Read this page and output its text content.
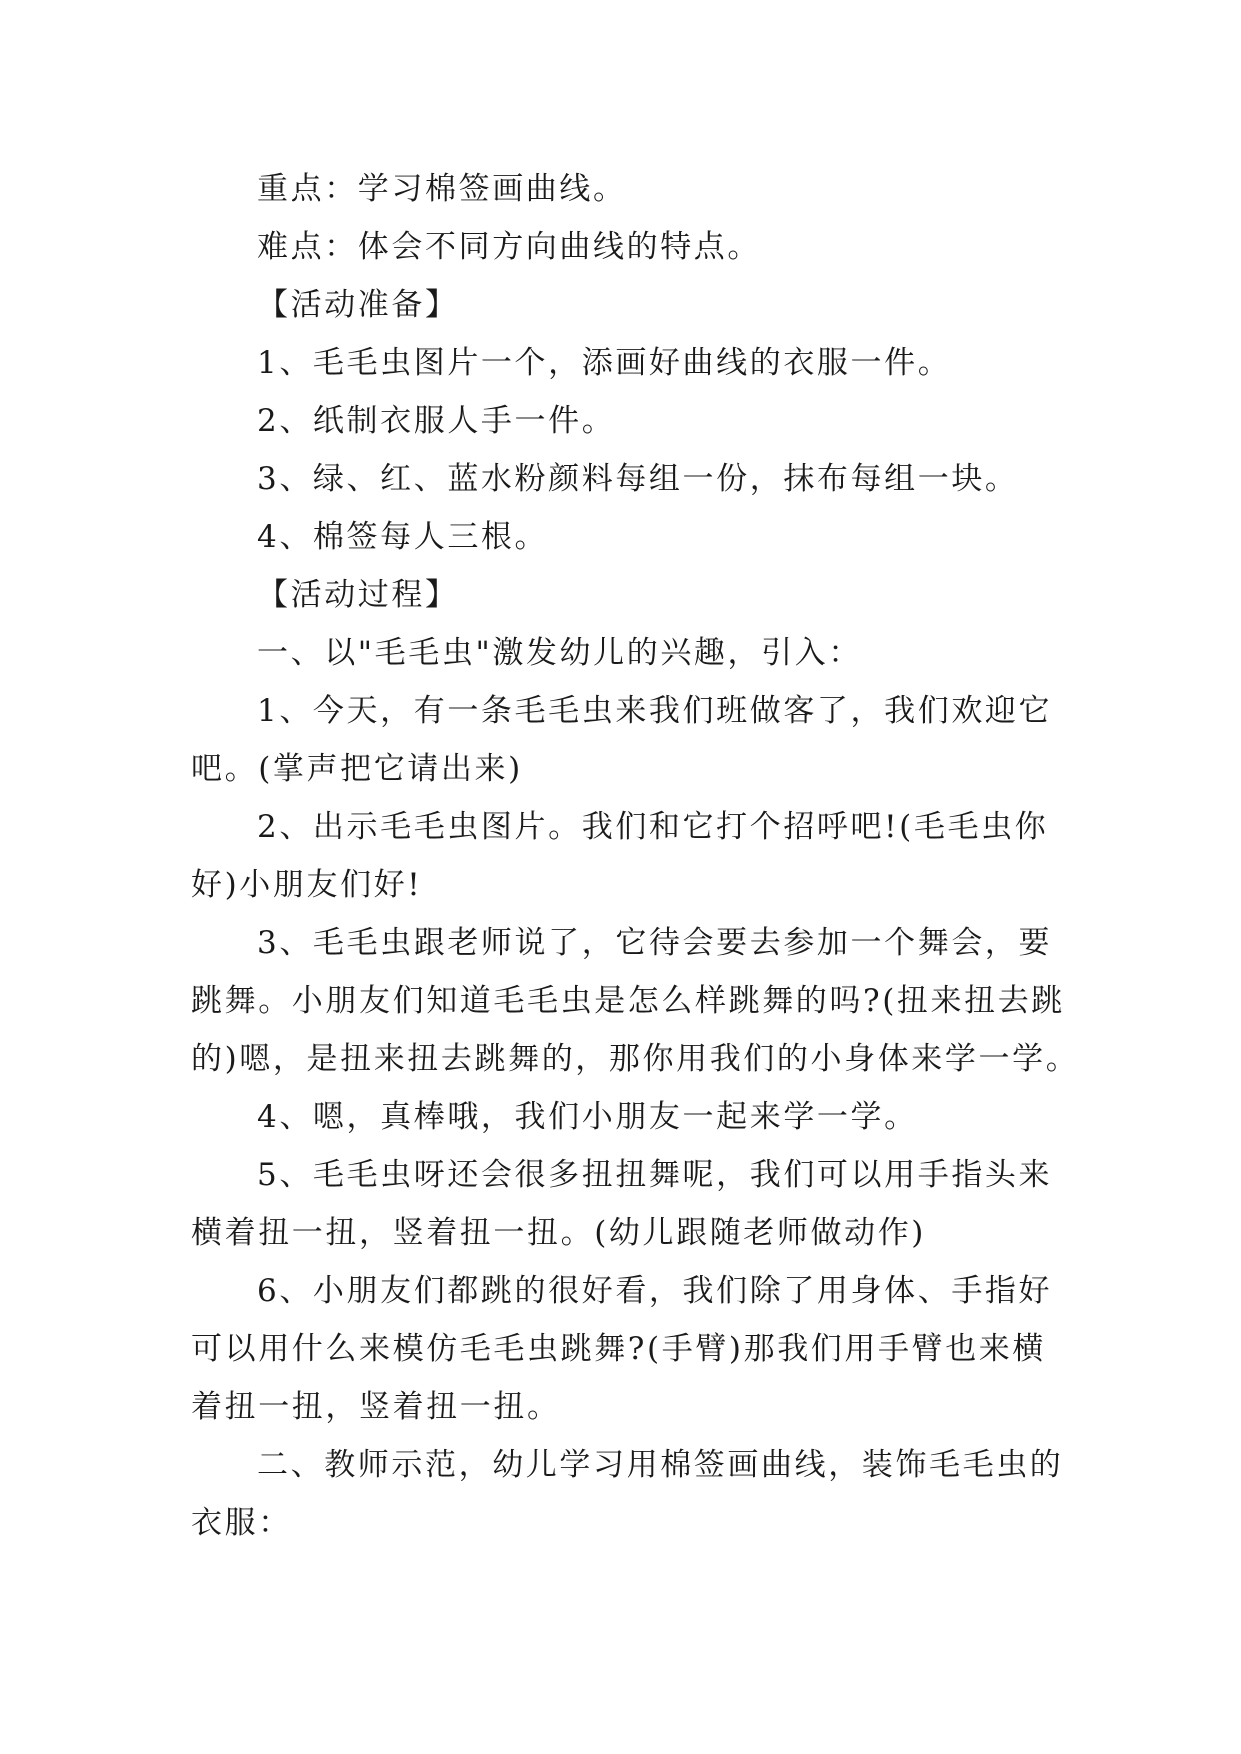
重点：学习棉签画曲线。

难点：体会不同方向曲线的特点。

【活动准备】

1、毛毛虫图片一个，添画好曲线的衣服一件。

2、纸制衣服人手一件。

3、绿、红、蓝水粉颜料每组一份，抹布每组一块。

4、棉签每人三根。

【活动过程】

一、以"毛毛虫"激发幼儿的兴趣，引入：

1、今天，有一条毛毛虫来我们班做客了，我们欢迎它
吧。(掌声把它请出来)

2、出示毛毛虫图片。我们和它打个招呼吧!(毛毛虫你
好)小朋友们好!

3、毛毛虫跟老师说了，它待会要去参加一个舞会，要
跳舞。小朋友们知道毛毛虫是怎么样跳舞的吗?(扭来扭去跳
的)嗯，是扭来扭去跳舞的，那你用我们的小身体来学一学。

4、嗯，真棒哦，我们小朋友一起来学一学。

5、毛毛虫呀还会很多扭扭舞呢，我们可以用手指头来
横着扭一扭，竖着扭一扭。(幼儿跟随老师做动作)

6、小朋友们都跳的很好看，我们除了用身体、手指好
可以用什么来模仿毛毛虫跳舞?(手臂)那我们用手臂也来横
着扭一扭，竖着扭一扭。

二、教师示范，幼儿学习用棉签画曲线，装饰毛毛虫的
衣服：
